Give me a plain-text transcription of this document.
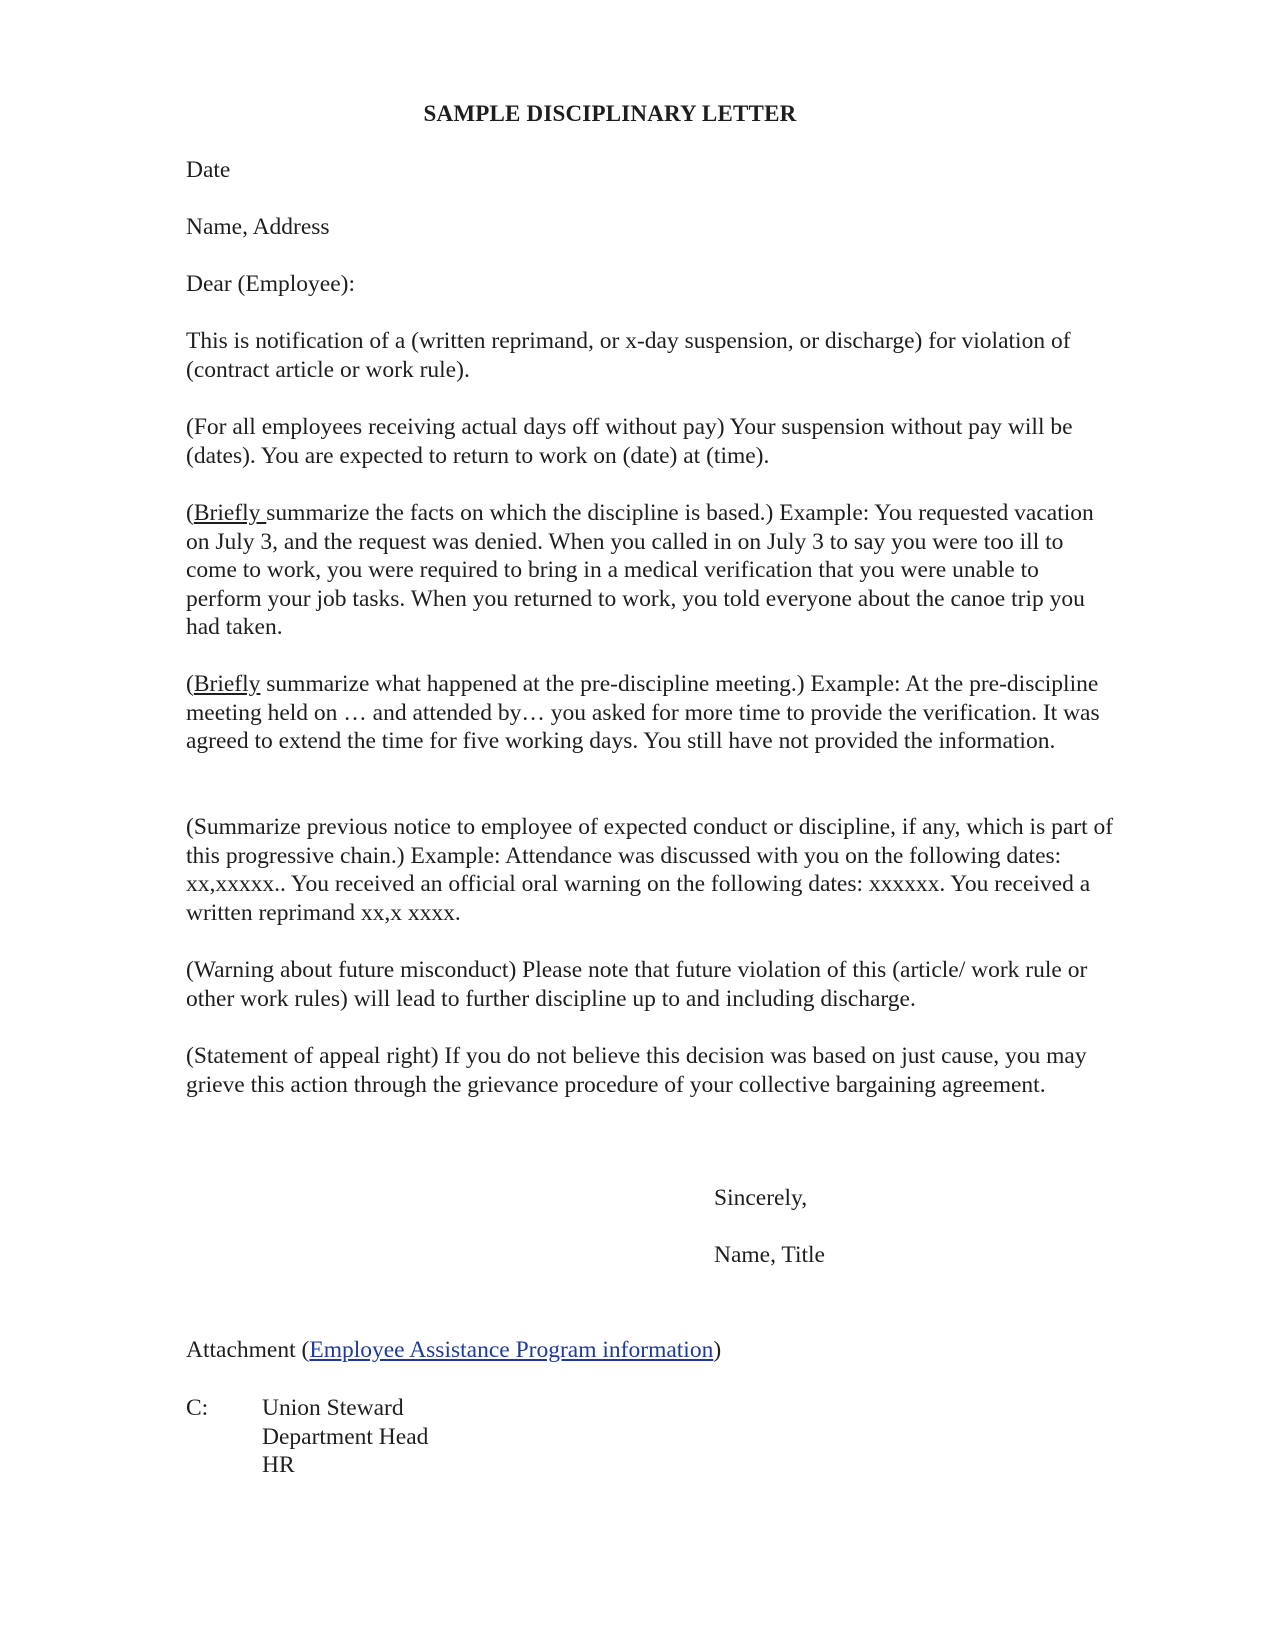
SAMPLE DISCIPLINARY LETTER
Date
Name, Address
Dear (Employee):
This is notification of a (written reprimand, or x-day suspension, or discharge) for violation of (contract article or work rule).
(For all employees receiving actual days off without pay) Your suspension without pay will be (dates). You are expected to return to work on (date) at (time).
(Briefly summarize the facts on which the discipline is based.) Example: You requested vacation on July 3, and the request was denied. When you called in on July 3 to say you were too ill to come to work, you were required to bring in a medical verification that you were unable to perform your job tasks. When you returned to work, you told everyone about the canoe trip you had taken.
(Briefly summarize what happened at the pre-discipline meeting.) Example: At the pre-discipline meeting held on … and attended by… you asked for more time to provide the verification. It was agreed to extend the time for five working days. You still have not provided the information.
(Summarize previous notice to employee of expected conduct or discipline, if any, which is part of this progressive chain.) Example: Attendance was discussed with you on the following dates: xx,xxxxx.. You received an official oral warning on the following dates: xxxxxx. You received a written reprimand xx,x xxxx.
(Warning about future misconduct) Please note that future violation of this (article/ work rule or other work rules) will lead to further discipline up to and including discharge.
(Statement of appeal right) If you do not believe this decision was based on just cause, you may grieve this action through the grievance procedure of your collective bargaining agreement.
Sincerely,
Name, Title
Attachment (Employee Assistance Program information)
C: Union Steward
Department Head
HR
